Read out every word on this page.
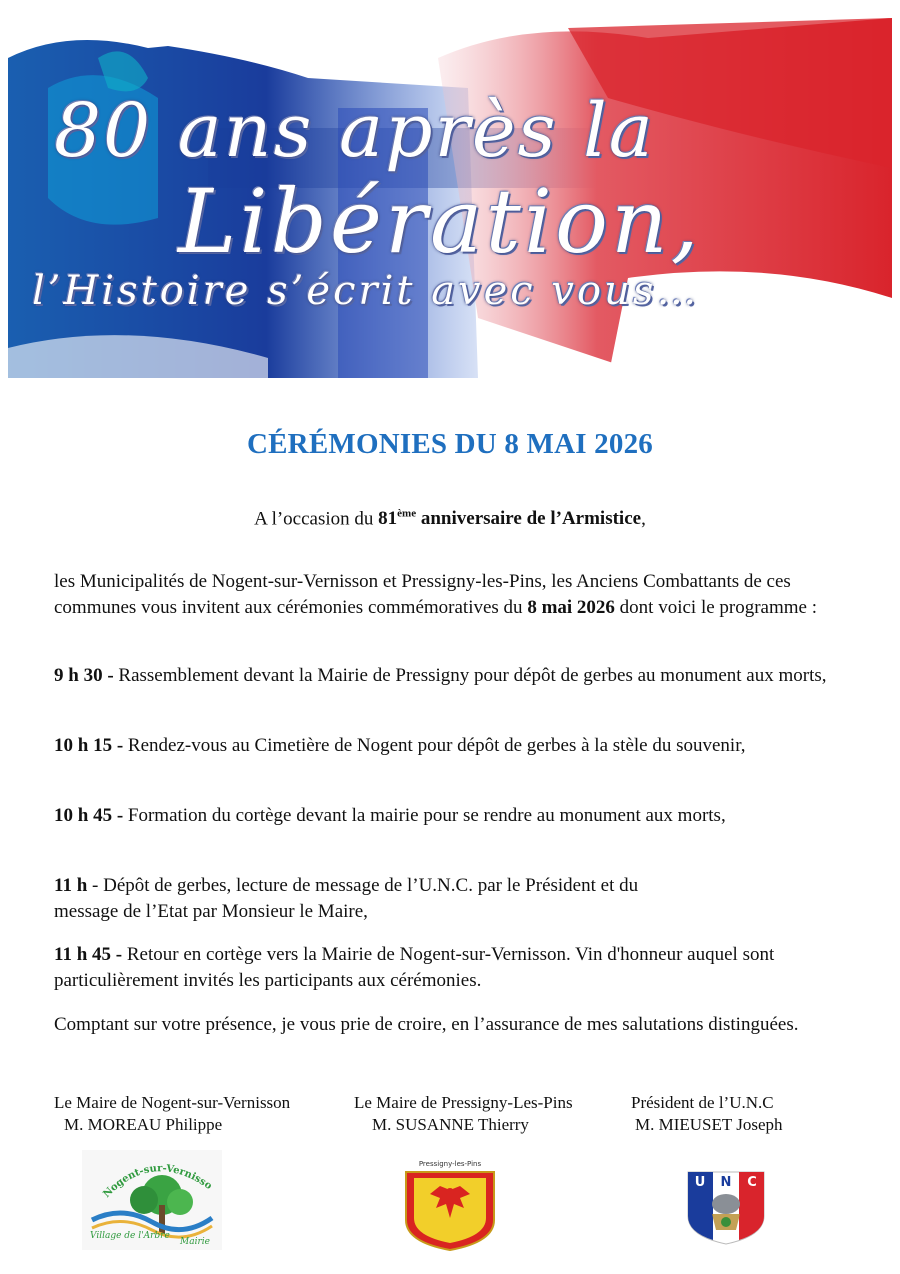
80 ans après la
Libération,
l’Histoire s’écrit avec vous…
CÉRÉMONIES DU 8 MAI 2026
A l’occasion du 81ème anniversaire de l’Armistice,
les Municipalités de Nogent-sur-Vernisson et Pressigny-les-Pins, les Anciens Combattants de ces communes vous invitent aux cérémonies commémoratives du 8 mai 2026 dont voici le programme :
9 h 30 - Rassemblement devant la Mairie de Pressigny pour dépôt de gerbes au monument aux morts,
10 h 15 - Rendez-vous au Cimetière de Nogent pour dépôt de gerbes à la stèle du souvenir,
10 h 45 - Formation du cortège devant la mairie pour se rendre au monument aux morts,
11 h - Dépôt de gerbes, lecture de message de l’U.N.C. par le Président et du
message de l’Etat par Monsieur le Maire,
11 h 45 - Retour en cortège vers la Mairie de Nogent-sur-Vernisson. Vin d'honneur auquel sont particulièrement invités les participants aux cérémonies.
Comptant sur votre présence, je vous prie de croire, en l’assurance de mes salutations distinguées.
Le Maire de Nogent-sur-Vernisson
M. MOREAU Philippe
Le Maire de Pressigny-Les-Pins
M. SUSANNE Thierry
Président de l’U.N.C
M. MIEUSET Joseph
Nogent-sur-Vernisso
Village de l'Arbre
Mairie
Pressigny-les-Pins
U N C
